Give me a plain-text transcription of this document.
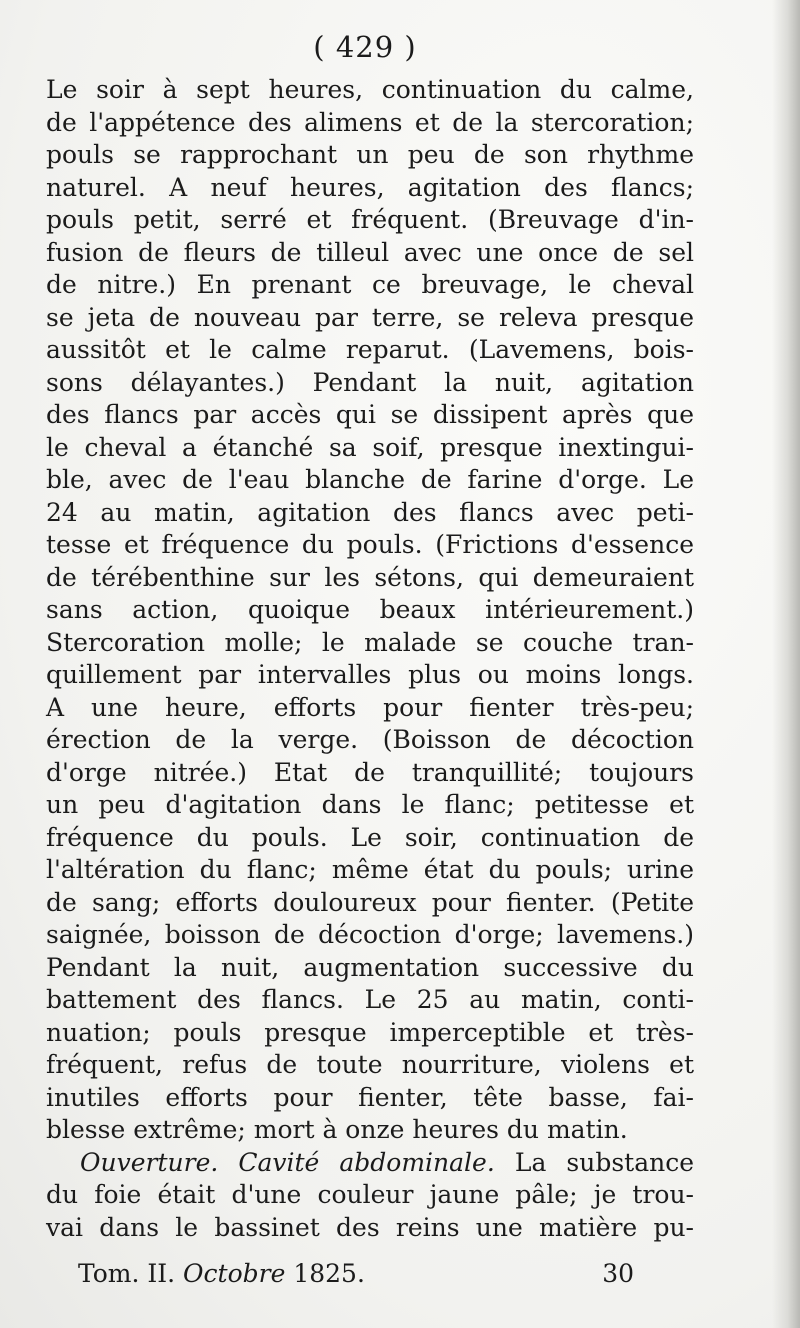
( 429 )
Le soir à sept heures, continuation du calme,
de l'appétence des alimens et de la stercoration;
pouls se rapprochant un peu de son rhythme
naturel. A neuf heures, agitation des flancs;
pouls petit, serré et fréquent. (Breuvage d'in-
fusion de fleurs de tilleul avec une once de sel
de nitre.) En prenant ce breuvage, le cheval
se jeta de nouveau par terre, se releva presque
aussitôt et le calme reparut. (Lavemens, bois-
sons délayantes.) Pendant la nuit, agitation
des flancs par accès qui se dissipent après que
le cheval a étanché sa soif, presque inextingui-
ble, avec de l'eau blanche de farine d'orge. Le
24 au matin, agitation des flancs avec peti-
tesse et fréquence du pouls. (Frictions d'essence
de térébenthine sur les sétons, qui demeuraient
sans action, quoique beaux intérieurement.)
Stercoration molle; le malade se couche tran-
quillement par intervalles plus ou moins longs.
A une heure, efforts pour fienter très-peu;
érection de la verge. (Boisson de décoction
d'orge nitrée.) Etat de tranquillité; toujours
un peu d'agitation dans le flanc; petitesse et
fréquence du pouls. Le soir, continuation de
l'altération du flanc; même état du pouls; urine
de sang; efforts douloureux pour fienter. (Petite
saignée, boisson de décoction d'orge; lavemens.)
Pendant la nuit, augmentation successive du
battement des flancs. Le 25 au matin, conti-
nuation; pouls presque imperceptible et très-
fréquent, refus de toute nourriture, violens et
inutiles efforts pour fienter, tête basse, fai-
blesse extrême; mort à onze heures du matin.
Ouverture. Cavité abdominale. La substance
du foie était d'une couleur jaune pâle; je trou-
vai dans le bassinet des reins une matière pu-
Tom. II. Octobre 1825.	30
